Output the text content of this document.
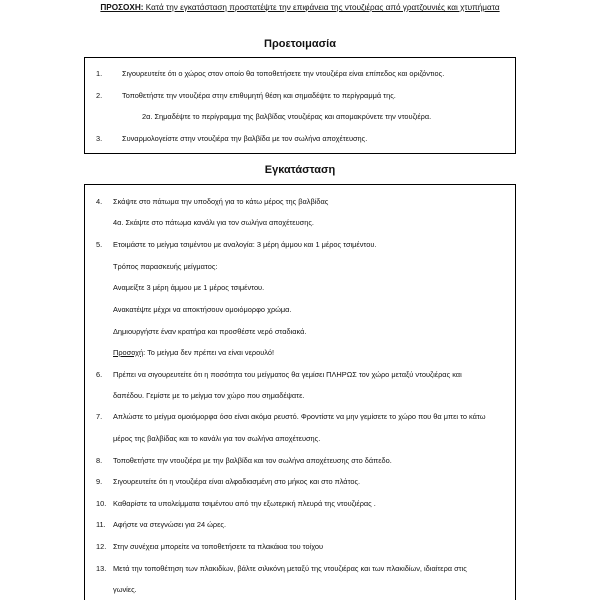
ΠΡΟΣΟΧΗ: Κατά την εγκατάσταση προστατέψτε την επιφάνεια της ντουζιέρας από γρατζουνιές και χτυπήματα
Προετοιμασία
1.	Σιγουρευτείτε ότι ο χώρος στον οποίο θα τοποθετήσετε την ντουζιέρα είναι επίπεδος και οριζόντιος.
2.	Τοποθετήστε την ντουζιέρα στην επιθυμητή θέση και σημαδέψτε το περίγραμμά της.
2α. Σημαδέψτε το περίγραμμα της βαλβίδας ντουζιέρας και απομακρύνετε την ντουζιέρα.
3.	Συναρμολογείστε στην ντουζιέρα την βαλβίδα με τον σωλήνα αποχέτευσης.
Εγκατάσταση
4. Σκάψτε στο πάτωμα την υποδοχή για το κάτω μέρος της βαλβίδας
4α. Σκάψτε στο πάτωμα κανάλι για τον σωλήνα αποχέτευσης.
5. Ετοιμάστε το μείγμα τσιμέντου με αναλογία: 3 μέρη άμμου και 1 μέρος τσιμέντου.
Τρόπος παρασκευής μείγματος:
Αναμείξτε 3 μέρη άμμου με 1 μέρος τσιμέντου.
Ανακατέψτε μέχρι να αποκτήσουν ομοιόμορφο χρώμα.
Δημιουργήστε έναν κρατήρα και προσθέστε νερό σταδιακά.
Προσοχή: Το μείγμα δεν πρέπει να είναι νερουλό!
6. Πρέπει να σιγουρευτείτε ότι η ποσότητα του μείγματος θα γεμίσει ΠΛΗΡΩΣ τον χώρο μεταξύ ντουζιέρας και
δαπέδου. Γεμίστε με το μείγμα τον χώρο που σημαδέψατε.
7. Απλώστε το μείγμα ομοιόμορφα όσο είναι ακόμα ρευστό. Φροντίστε να μην γεμίσετε το χώρο που θα μπει το κάτω
μέρος της βαλβίδας και το κανάλι για τον σωλήνα αποχέτευσης.
8. Τοποθετήστε την ντουζιέρα με την βαλβίδα και τον σωλήνα αποχέτευσης στο δάπεδο.
9. Σιγουρευτείτε ότι η ντουζιέρα είναι αλφαδιασμένη στο μήκος και στο πλάτος.
10. Καθαρίστε τα υπολείμματα τσιμέντου από την εξωτερική πλευρά της ντουζιέρας .
11. Αφήστε να στεγνώσει για 24 ώρες.
12. Στην συνέχεια μπορείτε να τοποθετήσετε τα πλακάκια του τοίχου
13. Μετά την τοποθέτηση των πλακιδίων, βάλτε σιλικόνη μεταξύ της ντουζιέρας και των πλακιδίων, ιδιαίτερα στις
γωνίες.
